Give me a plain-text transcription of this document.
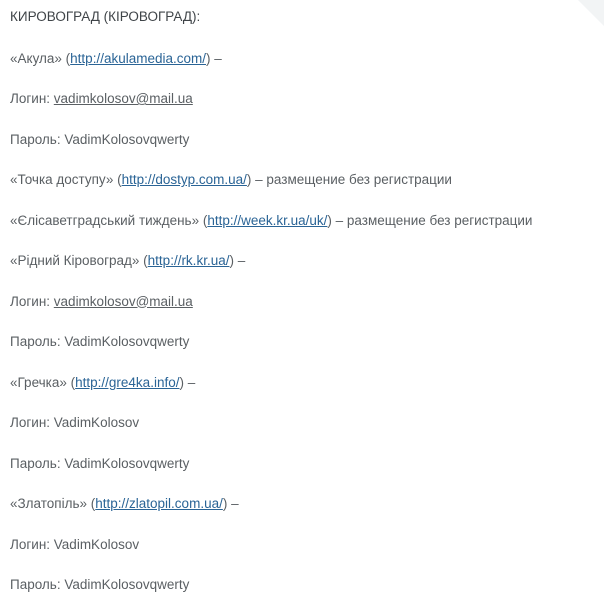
КИРОВОГРАД (КІРОВОГРАД):
«Акула» (http://akulamedia.com/) –
Логин: vadimkolosov@mail.ua
Пароль: VadimKolosovqwerty
«Точка доступу» (http://dostyp.com.ua/) – размещение без регистрации
«Єлісаветградський тиждень» (http://week.kr.ua/uk/) – размещение без регистрации
«Рідний Кіровоград» (http://rk.kr.ua/) –
Логин: vadimkolosov@mail.ua
Пароль: VadimKolosovqwerty
«Гречка» (http://gre4ka.info/) –
Логин: VadimKolosov
Пароль: VadimKolosovqwerty
«Златопіль» (http://zlatopil.com.ua/) –
Логин: VadimKolosov
Пароль: VadimKolosovqwerty
